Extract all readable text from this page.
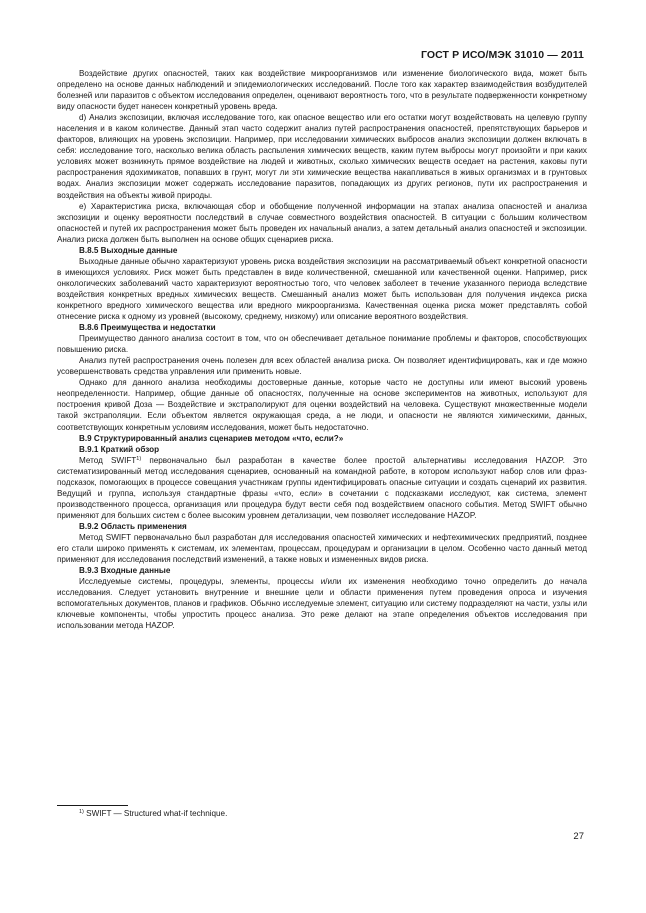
ГОСТ Р ИСО/МЭК 31010 — 2011

Воздействие других опасностей, таких как воздействие микроорганизмов или изменение биологического вида, может быть определено на основе данных наблюдений и эпидемиологических исследований. После того как характер взаимодействия возбудителей болезней или паразитов с объектом исследования определен, оценивают вероятность того, что в результате подверженности конкретному виду опасности будет нанесен конкретный уровень вреда.

d) Анализ экспозиции, включая исследование того, как опасное вещество или его остатки могут воздействовать на целевую группу населения и в каком количестве. Данный этап часто содержит анализ путей распространения опасностей, препятствующих барьеров и факторов, влияющих на уровень экспозиции. Например, при исследовании химических выбросов анализ экспозиции должен включать в себя: исследование того, насколько велика область распыления химических веществ, каким путем выбросы могут произойти и при каких условиях может возникнуть прямое воздействие на людей и животных, сколько химических веществ оседает на растения, каковы пути распространения ядохимикатов, попавших в грунт, могут ли эти химические вещества накапливаться в живых организмах и в грунтовых водах. Анализ экспозиции может содержать исследование паразитов, попадающих из других регионов, пути их распространения и воздействия на объекты живой природы.

e) Характеристика риска, включающая сбор и обобщение полученной информации на этапах анализа опасностей и анализа экспозиции и оценку вероятности последствий в случае совместного воздействия опасностей. В ситуации с большим количеством опасностей и путей их распространения может быть проведен их начальный анализ, а затем детальный анализ опасностей и экспозиции. Анализ риска должен быть выполнен на основе общих сценариев риска.

В.8.5 Выходные данные

Выходные данные обычно характеризуют уровень риска воздействия экспозиции на рассматриваемый объект конкретной опасности в имеющихся условиях. Риск может быть представлен в виде количественной, смешанной или качественной оценки. Например, риск онкологических заболеваний часто характеризуют вероятностью того, что человек заболеет в течение указанного периода вследствие воздействия конкретных вредных химических веществ. Смешанный анализ может быть использован для получения индекса риска конкретного вредного химического вещества или вредного микроорганизма. Качественная оценка риска может представлять собой отнесение риска к одному из уровней (высокому, среднему, низкому) или описание вероятного воздействия.

В.8.6 Преимущества и недостатки

Преимущество данного анализа состоит в том, что он обеспечивает детальное понимание проблемы и факторов, способствующих повышению риска.

Анализ путей распространения очень полезен для всех областей анализа риска. Он позволяет идентифицировать, как и где можно усовершенствовать средства управления или применить новые.

Однако для данного анализа необходимы достоверные данные, которые часто не доступны или имеют высокий уровень неопределенности. Например, общие данные об опасностях, полученные на основе экспериментов на животных, используют для построения кривой Доза — Воздействие и экстраполируют для оценки воздействий на человека. Существуют множественные модели такой экстраполяции. Если объектом является окружающая среда, а не люди, и опасности не являются химическими, данных, соответствующих конкретным условиям исследования, может быть недостаточно.

В.9 Структурированный анализ сценариев методом «что, если?»

В.9.1 Краткий обзор

Метод SWIFT$^{1)}$ первоначально был разработан в качестве более простой альтернативы исследования HAZOP. Это систематизированный метод исследования сценариев, основанный на командной работе, в котором используют набор слов или фраз-подсказок, помогающих в процессе совещания участникам группы идентифицировать опасные ситуации и создать сценарий их развития. Ведущий и группа, используя стандартные фразы «что, если» в сочетании с подсказками исследуют, как система, элемент производственного процесса, организация или процедура будут вести себя под воздействием опасного события. Метод SWIFT обычно применяют для больших систем с более высоким уровнем детализации, чем позволяет исследование HAZOP.

В.9.2 Область применения

Метод SWIFT первоначально был разработан для исследования опасностей химических и нефтехимических предприятий, позднее его стали широко применять к системам, их элементам, процессам, процедурам и организации в целом. Особенно часто данный метод применяют для исследования последствий изменений, а также новых и измененных видов риска.

В.9.3 Входные данные

Исследуемые системы, процедуры, элементы, процессы и/или их изменения необходимо точно определить до начала исследования. Следует установить внутренние и внешние цели и области применения путем проведения опроса и изучения вспомогательных документов, планов и графиков. Обычно исследуемые элемент, ситуацию или систему подразделяют на части, узлы или ключевые компоненты, чтобы упростить процесс анализа. Это реже делают на этапе определения объектов исследования при использовании метода HAZOP.

$^{1)}$ SWIFT — Structured what-if technique.
27
